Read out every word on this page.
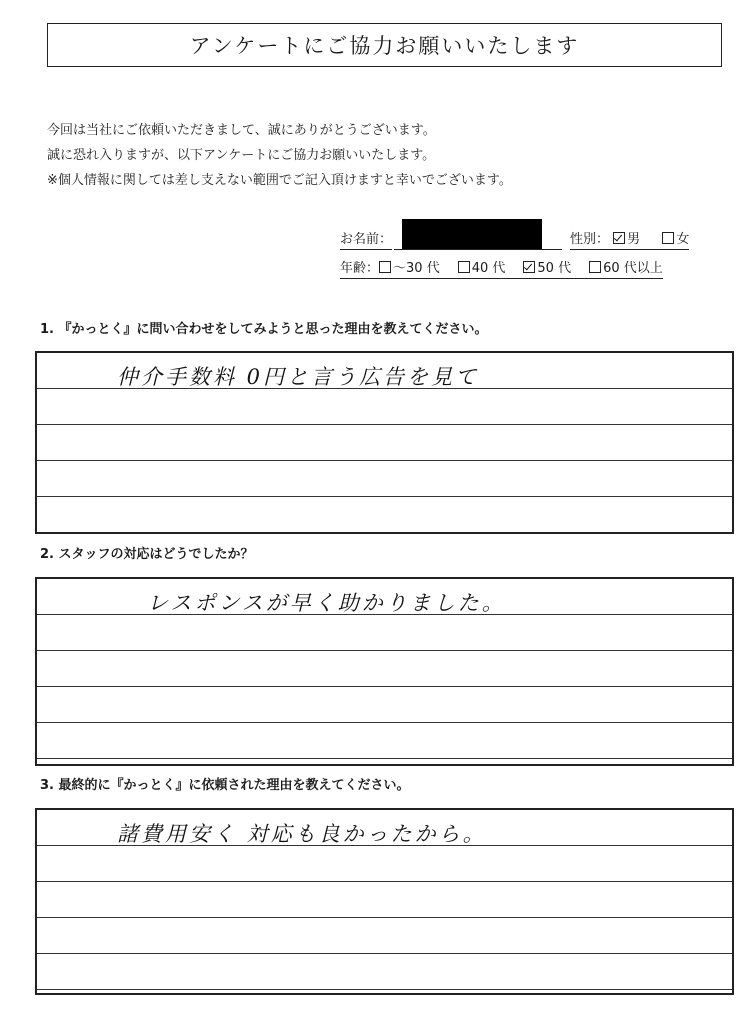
アンケートにご協力お願いいたします
今回は当社にご依頼いただきまして、誠にありがとうございます。
誠に恐れ入りますが、以下アンケートにご協力お願いいたします。
※個人情報に関しては差し支えない範囲でご記入頂けますと幸いでございます。
お名前：	性別： 男	女
年齢：	～30 代	40 代	50 代	60 代以上
1. 『かっとく』に問い合わせをしてみようと思った理由を教えてください。
仲介手数料 0円と言う広告を見て
2. スタッフの対応はどうでしたか？
レスポンスが早く助かりました。
3. 最終的に『かっとく』に依頼された理由を教えてください。
諸費用安く 対応も良かったから。
